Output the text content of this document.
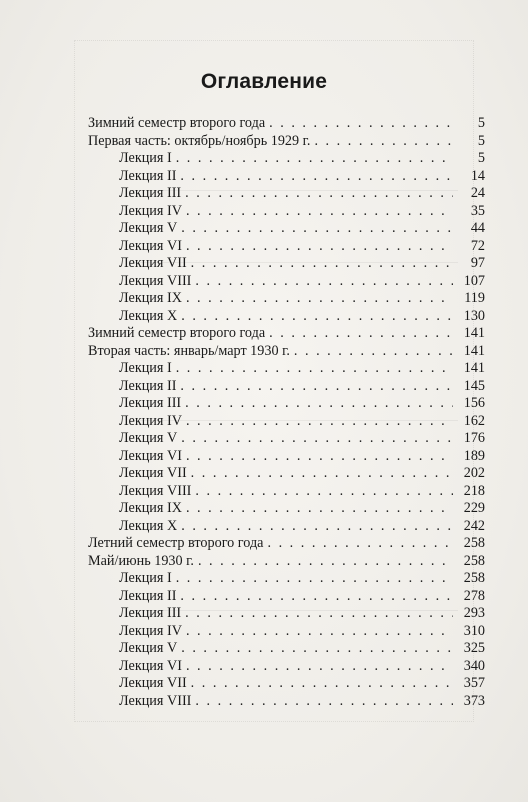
Оглавление
Зимний семестр второго года . . .	5
Первая часть: октябрь/ноябрь 1929 г. . . .	5
Лекция I . . .	5
Лекция II . . .	14
Лекция III . . .	24
Лекция IV . . .	35
Лекция V . . .	44
Лекция VI . . .	72
Лекция VII . . .	97
Лекция VIII . . .	107
Лекция IX . . .	119
Лекция X . . .	130
Зимний семестр второго года . . .	141
Вторая часть: январь/март 1930 г. . . .	141
Лекция I . . .	141
Лекция II . . .	145
Лекция III . . .	156
Лекция IV . . .	162
Лекция V . . .	176
Лекция VI . . .	189
Лекция VII . . .	202
Лекция VIII . . .	218
Лекция IX . . .	229
Лекция X . . .	242
Летний семестр второго года . . .	258
Май/июнь 1930 г. . . .	258
Лекция I . . .	258
Лекция II . . .	278
Лекция III . . .	293
Лекция IV . . .	310
Лекция V . . .	325
Лекция VI . . .	340
Лекция VII . . .	357
Лекция VIII . . .	373
